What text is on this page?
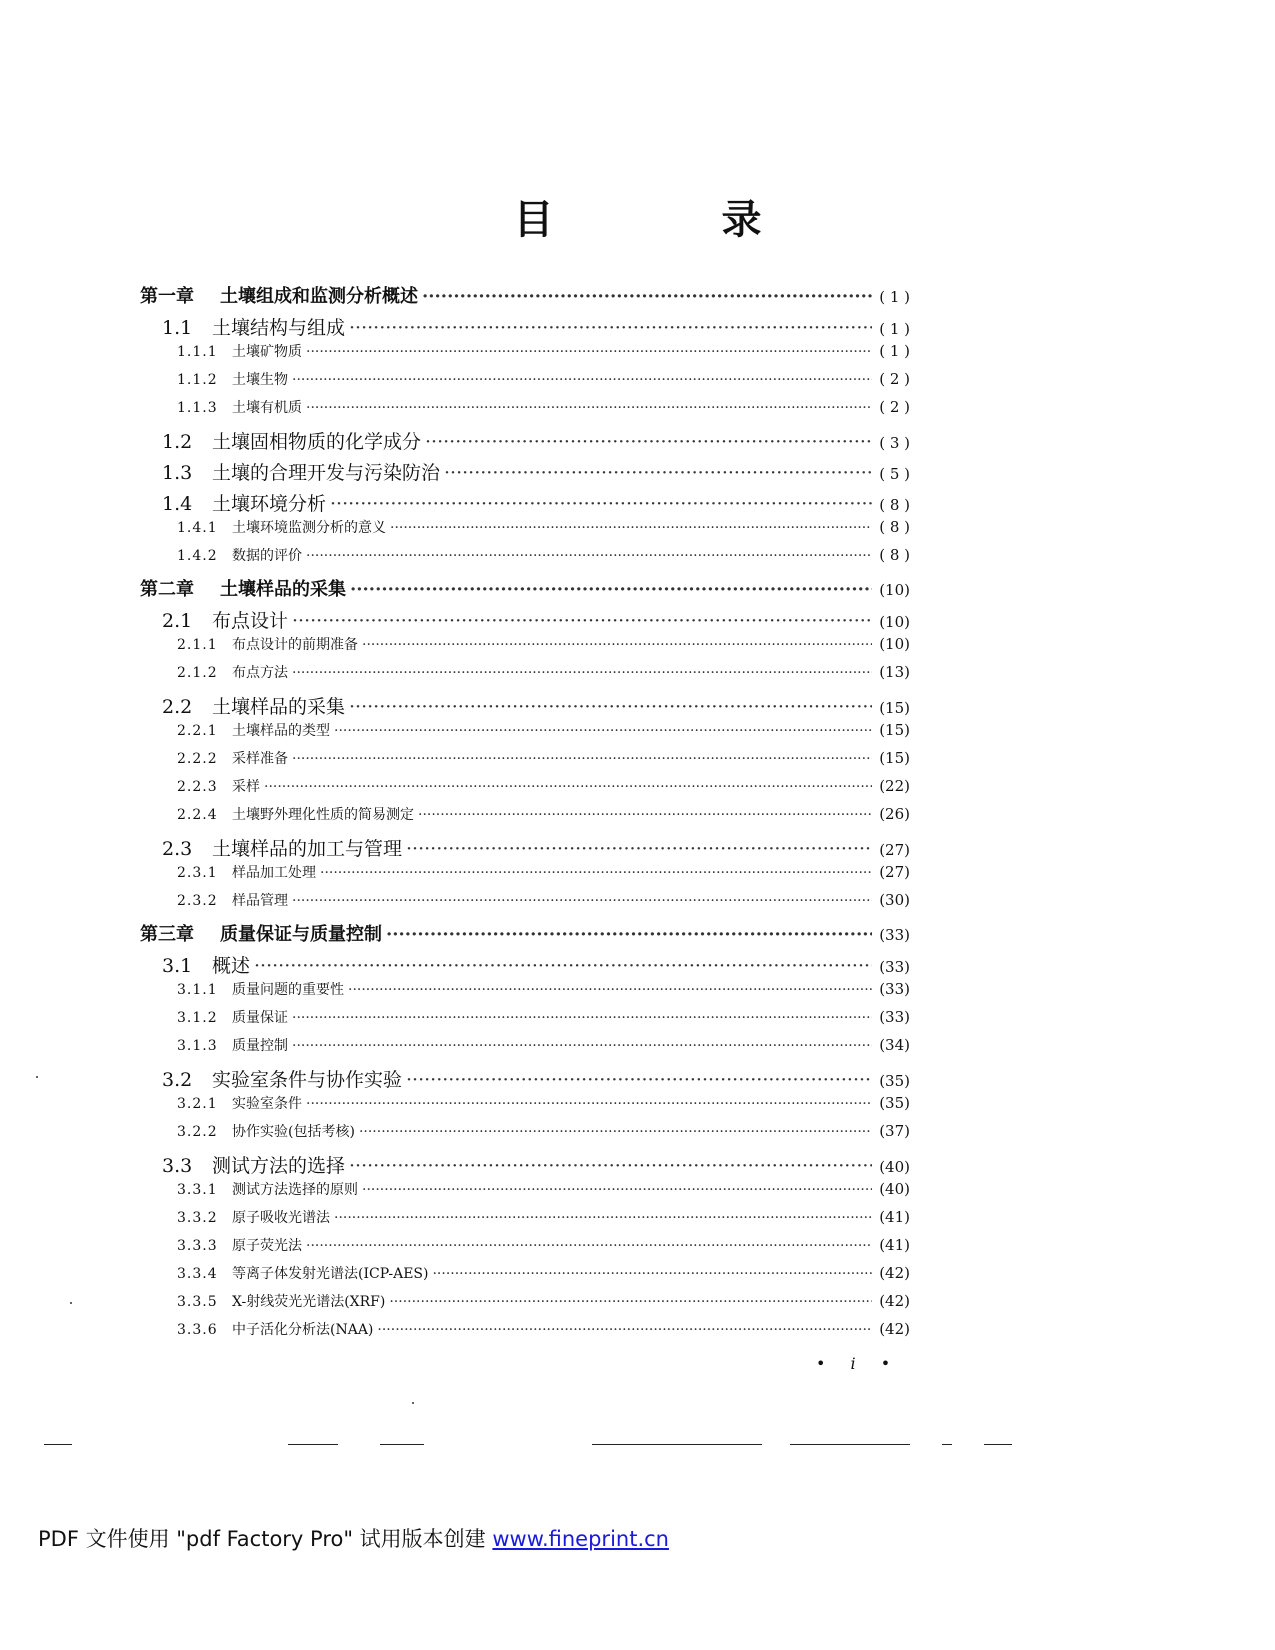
目　录
第一章	土壤组成和监测分析概述 ·····	( 1 )
1.1	土壤结构与组成 ·····	( 1 )
1.1.1	土壤矿物质 ·····	( 1 )
1.1.2	土壤生物 ·····	( 2 )
1.1.3	土壤有机质 ·····	( 2 )
1.2	土壤固相物质的化学成分 ·····	( 3 )
1.3	土壤的合理开发与污染防治 ·····	( 5 )
1.4	土壤环境分析 ·····	( 8 )
1.4.1	土壤环境监测分析的意义 ·····	( 8 )
1.4.2	数据的评价 ·····	( 8 )
第二章	土壤样品的采集 ·····	(10)
2.1	布点设计 ·····	(10)
2.1.1	布点设计的前期准备 ·····	(10)
2.1.2	布点方法 ·····	(13)
2.2	土壤样品的采集 ·····	(15)
2.2.1	土壤样品的类型 ·····	(15)
2.2.2	采样准备 ·····	(15)
2.2.3	采样 ·····	(22)
2.2.4	土壤野外理化性质的简易测定 ·····	(26)
2.3	土壤样品的加工与管理 ·····	(27)
2.3.1	样品加工处理 ·····	(27)
2.3.2	样品管理 ·····	(30)
第三章	质量保证与质量控制 ·····	(33)
3.1	概述 ·····	(33)
3.1.1	质量问题的重要性 ·····	(33)
3.1.2	质量保证 ·····	(33)
3.1.3	质量控制 ·····	(34)
3.2	实验室条件与协作实验 ·····	(35)
3.2.1	实验室条件 ·····	(35)
3.2.2	协作实验(包括考核) ·····	(37)
3.3	测试方法的选择 ·····	(40)
3.3.1	测试方法选择的原则 ·····	(40)
3.3.2	原子吸收光谱法 ·····	(41)
3.3.3	原子荧光法 ·····	(41)
3.3.4	等离子体发射光谱法(ICP-AES) ·····	(42)
3.3.5	X-射线荧光光谱法(XRF) ·····	(42)
3.3.6	中子活化分析法(NAA) ·····	(42)
• i •
PDF 文件使用 "pdf Factory Pro" 试用版本创建 www.fineprint.cn
